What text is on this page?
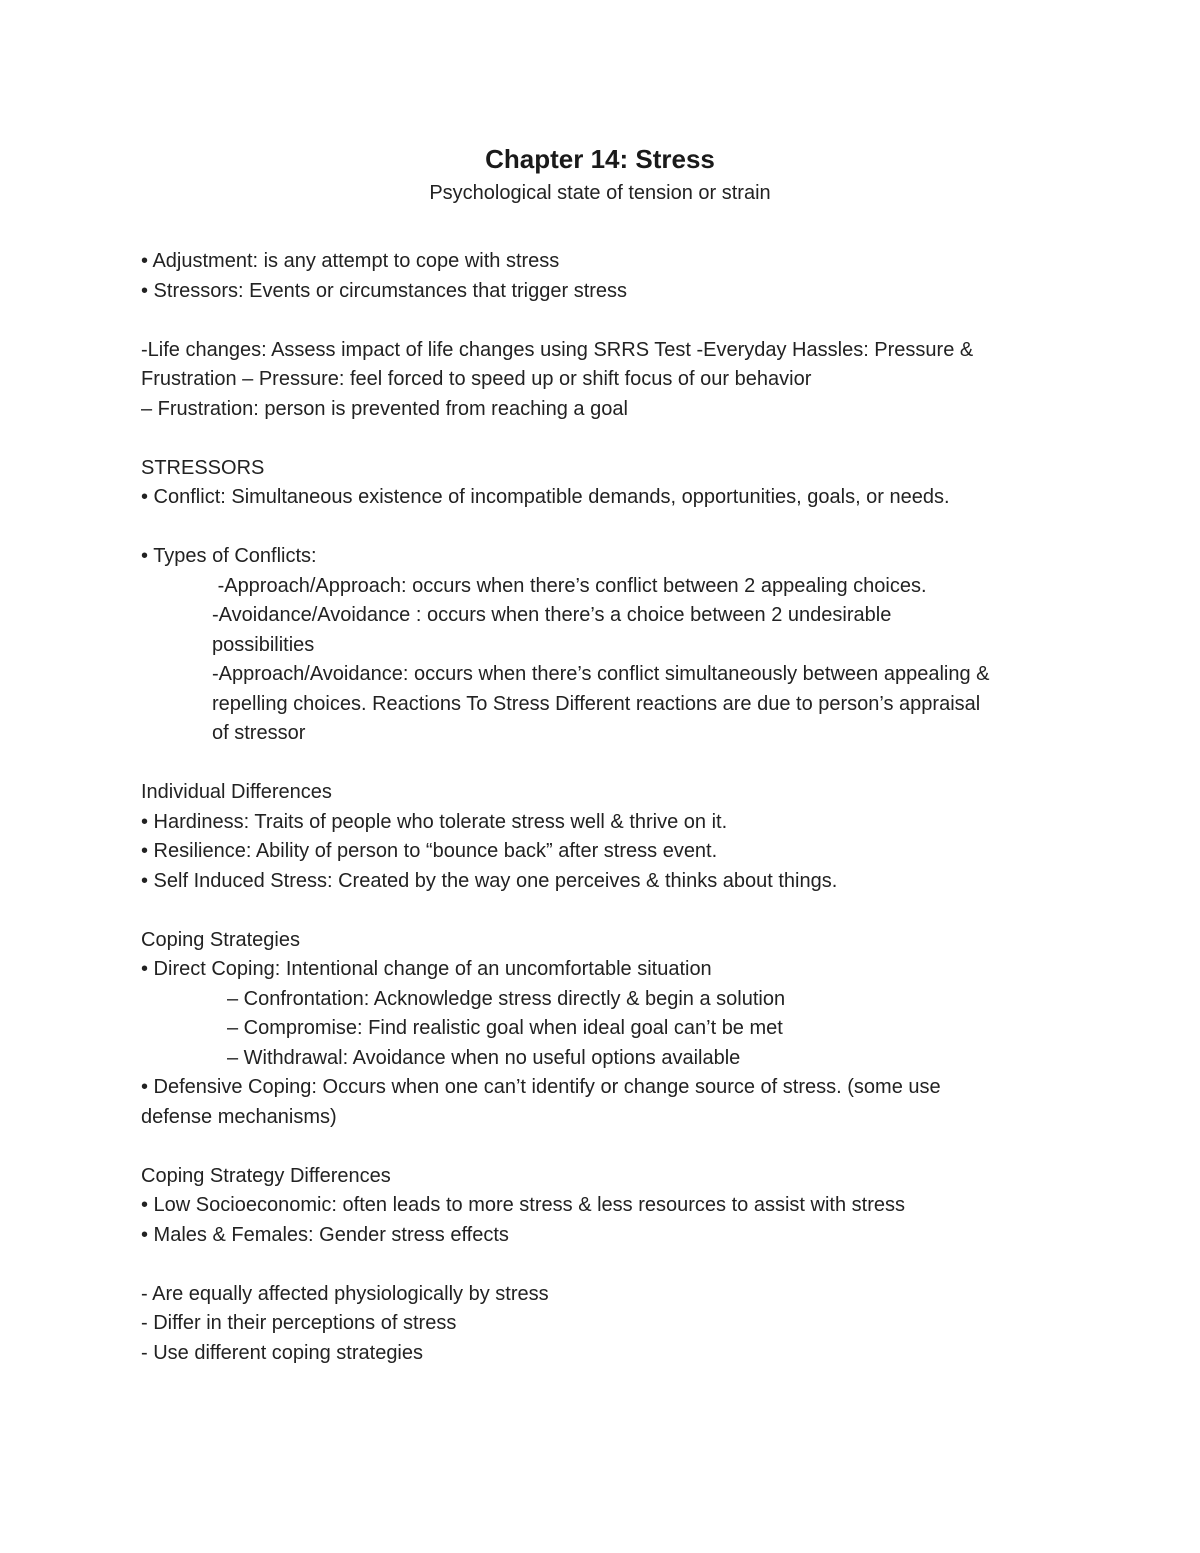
Chapter 14: Stress
Psychological state of tension or strain
• Adjustment: is any attempt to cope with stress
• Stressors: Events or circumstances that trigger stress
-Life changes: Assess impact of life changes using SRRS Test -Everyday Hassles: Pressure &
Frustration – Pressure: feel forced to speed up or shift focus of our behavior
– Frustration: person is prevented from reaching a goal
STRESSORS
• Conflict: Simultaneous existence of incompatible demands, opportunities, goals, or needs.
• Types of Conflicts:
-Approach/Approach: occurs when there’s conflict between 2 appealing choices.
-Avoidance/Avoidance : occurs when there’s a choice between 2 undesirable
possibilities
-Approach/Avoidance: occurs when there’s conflict simultaneously between appealing &
repelling choices. Reactions To Stress Different reactions are due to person’s appraisal
of stressor
Individual Differences
• Hardiness: Traits of people who tolerate stress well & thrive on it.
• Resilience: Ability of person to “bounce back” after stress event.
• Self Induced Stress: Created by the way one perceives & thinks about things.
Coping Strategies
• Direct Coping: Intentional change of an uncomfortable situation
– Confrontation: Acknowledge stress directly & begin a solution
– Compromise: Find realistic goal when ideal goal can’t be met
– Withdrawal: Avoidance when no useful options available
• Defensive Coping: Occurs when one can’t identify or change source of stress. (some use
defense mechanisms)
Coping Strategy Differences
• Low Socioeconomic: often leads to more stress & less resources to assist with stress
• Males & Females: Gender stress effects
- Are equally affected physiologically by stress
- Differ in their perceptions of stress
- Use different coping strategies
